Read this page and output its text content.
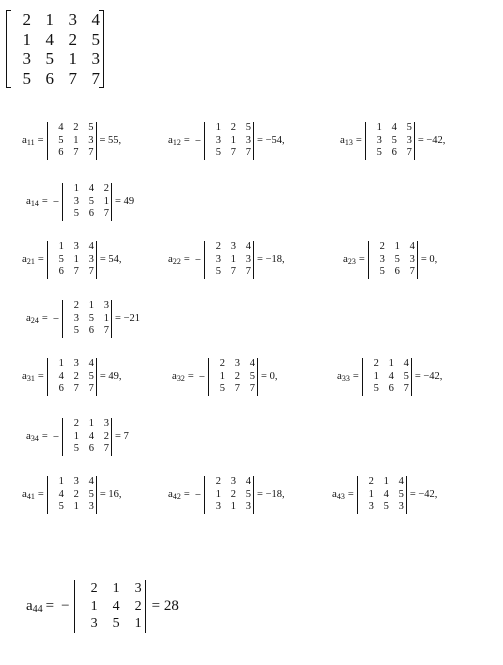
2 1 3 4
1 4 2 5
3 5 1 3
5 6 7 7
$a_{11}$ =
4 2 5
5 1 3
6 7 7
= 55,	$a_{12}$ = −
1 2 5
3 1 3
5 7 7
= −54,	$a_{13}$ =
1 4 5
3 5 3
5 6 7
= −42,
$a_{14}$ = −
1 4 2
3 5 1
5 6 7
= 49
$a_{21}$ =
1 3 4
5 1 3
6 7 7
= 54,	$a_{22}$ = −
2 3 4
3 1 3
5 7 7
= −18,	$a_{23}$ =
2 1 4
3 5 3
5 6 7
= 0,
$a_{24}$ = −
2 1 3
3 5 1
5 6 7
= −21
$a_{31}$ =
1 3 4
4 2 5
6 7 7
= 49,	$a_{32}$ = −
2 3 4
1 2 5
5 7 7
= 0,	$a_{33}$ =
2 1 4
1 4 5
5 6 7
= −42,
$a_{34}$ = −
2 1 3
1 4 2
5 6 7
= 7
$a_{41}$ =
1 3 4
4 2 5
5 1 3
= 16,	$a_{42}$ = −
2 3 4
1 2 5
3 1 3
= −18,	$a_{43}$ =
2 1 4
1 4 5
3 5 3
= −42,
$a_{44}$ = −
2 1 3
1 4 2
3 5 1
= 28
